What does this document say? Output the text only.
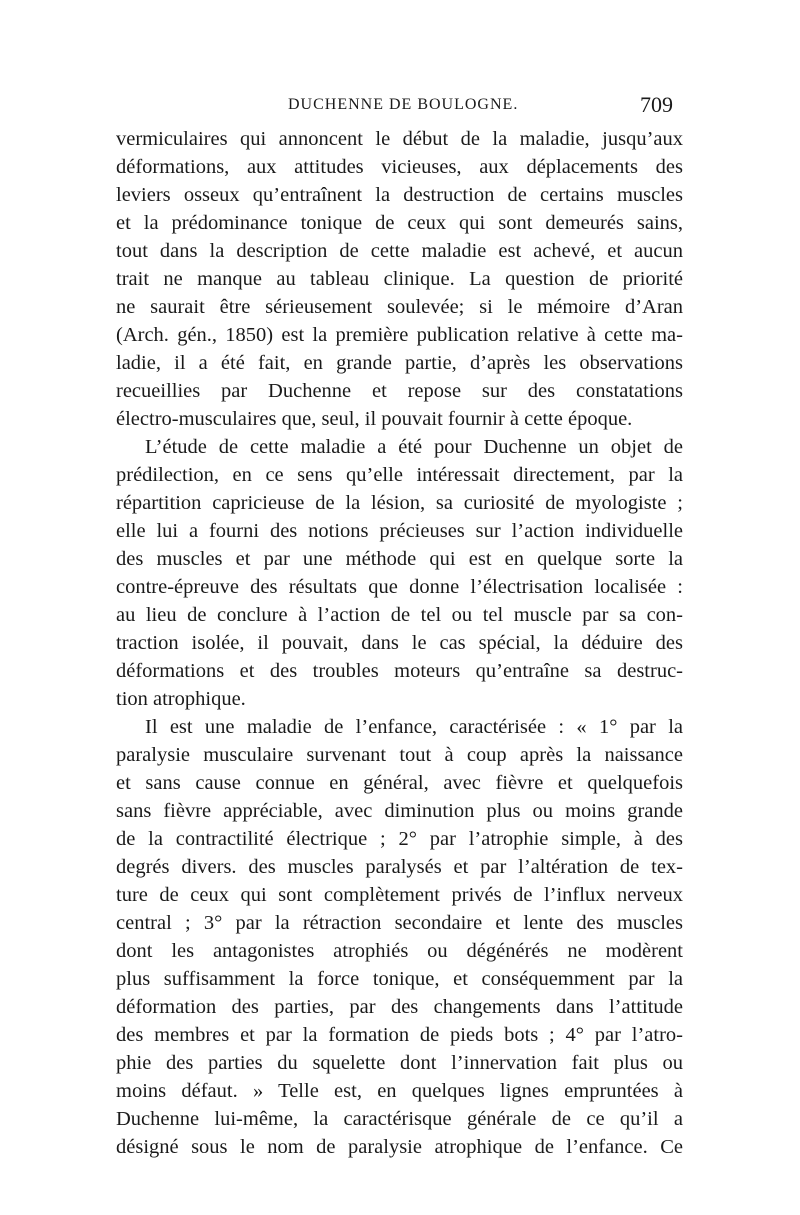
DUCHENNE DE BOULOGNE.	709
vermiculaires qui annoncent le début de la maladie, jusqu’aux
déformations, aux attitudes vicieuses, aux déplacements des
leviers osseux qu’entraînent la destruction de certains muscles
et la prédominance tonique de ceux qui sont demeurés sains,
tout dans la description de cette maladie est achevé, et aucun
trait ne manque au tableau clinique. La question de priorité
ne saurait être sérieusement soulevée; si le mémoire d’Aran
(Arch. gén., 1850) est la première publication relative à cette ma-
ladie, il a été fait, en grande partie, d’après les observations
recueillies par Duchenne et repose sur des constatations
électro-musculaires que, seul, il pouvait fournir à cette époque.
L’étude de cette maladie a été pour Duchenne un objet de
prédilection, en ce sens qu’elle intéressait directement, par la
répartition capricieuse de la lésion, sa curiosité de myologiste ;
elle lui a fourni des notions précieuses sur l’action individuelle
des muscles et par une méthode qui est en quelque sorte la
contre-épreuve des résultats que donne l’électrisation localisée :
au lieu de conclure à l’action de tel ou tel muscle par sa con-
traction isolée, il pouvait, dans le cas spécial, la déduire des
déformations et des troubles moteurs qu’entraîne sa destruc-
tion atrophique.
Il est une maladie de l’enfance, caractérisée : « 1° par la
paralysie musculaire survenant tout à coup après la naissance
et sans cause connue en général, avec fièvre et quelquefois
sans fièvre appréciable, avec diminution plus ou moins grande
de la contractilité électrique ; 2° par l’atrophie simple, à des
degrés divers. des muscles paralysés et par l’altération de tex-
ture de ceux qui sont complètement privés de l’influx nerveux
central ; 3° par la rétraction secondaire et lente des muscles
dont les antagonistes atrophiés ou dégénérés ne modèrent
plus suffisamment la force tonique, et conséquemment par la
déformation des parties, par des changements dans l’attitude
des membres et par la formation de pieds bots ; 4° par l’atro-
phie des parties du squelette dont l’innervation fait plus ou
moins défaut. » Telle est, en quelques lignes empruntées à
Duchenne lui-même, la caractérisque générale de ce qu’il a
désigné sous le nom de paralysie atrophique de l’enfance. Ce
